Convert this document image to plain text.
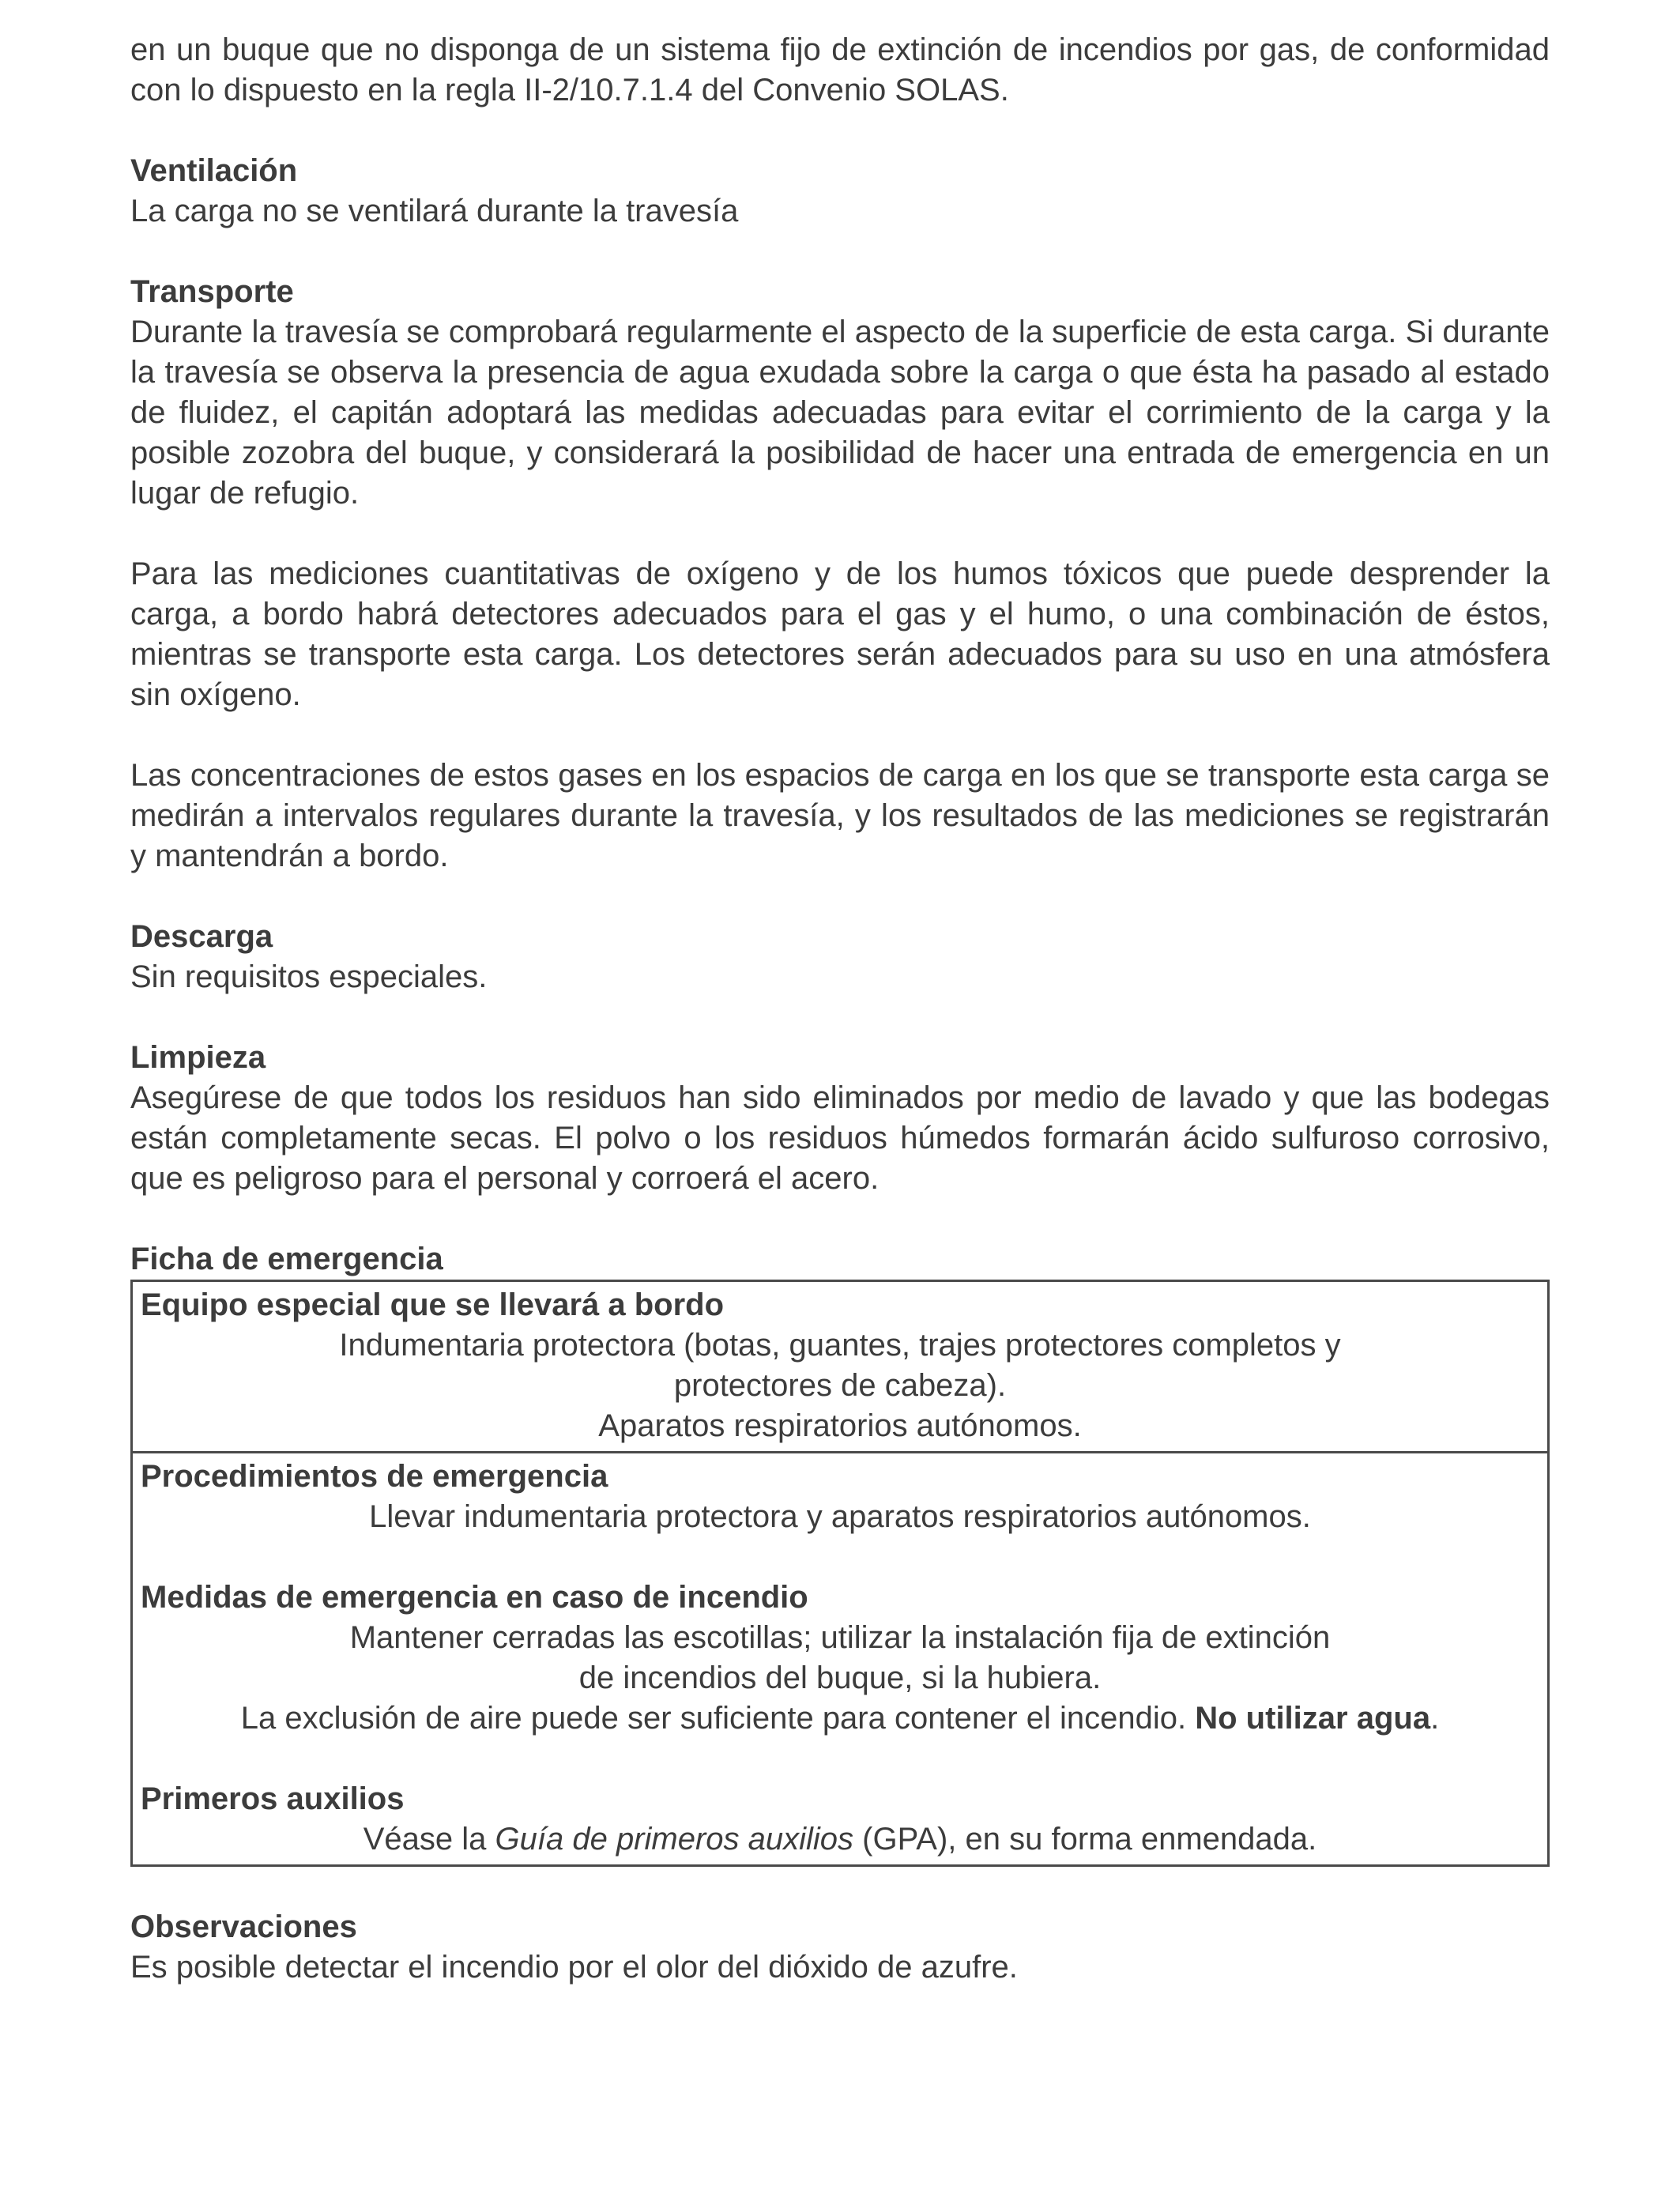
en un buque que no disponga de un sistema fijo de extinción de incendios por gas, de conformidad con lo dispuesto en la regla II-2/10.7.1.4 del Convenio SOLAS.

Ventilación

La carga no se ventilará durante la travesía

Transporte

Durante la travesía se comprobará regularmente el aspecto de la superficie de esta carga. Si durante la travesía se observa la presencia de agua exudada sobre la carga o que ésta ha pasado al estado de fluidez, el capitán adoptará las medidas adecuadas para evitar el corrimiento de la carga y la posible zozobra del buque, y considerará la posibilidad de hacer una entrada de emergencia en un lugar de refugio.

Para las mediciones cuantitativas de oxígeno y de los humos tóxicos que puede desprender la carga, a bordo habrá detectores adecuados para el gas y el humo, o una combinación de éstos, mientras se transporte esta carga. Los detectores serán adecuados para su uso en una atmósfera sin oxígeno.

Las concentraciones de estos gases en los espacios de carga en los que se transporte esta carga se medirán a intervalos regulares durante la travesía, y los resultados de las mediciones se registrarán y mantendrán a bordo.

Descarga

Sin requisitos especiales.

Limpieza

Asegúrese de que todos los residuos han sido eliminados por medio de lavado y que las bodegas están completamente secas. El polvo o los residuos húmedos formarán ácido sulfuroso corrosivo, que es peligroso para el personal y corroerá el acero.

Ficha de emergencia

Equipo especial que se llevará a bordo

Indumentaria protectora (botas, guantes, trajes protectores completos y

protectores de cabeza).

Aparatos respiratorios autónomos.

Procedimientos de emergencia

Llevar indumentaria protectora y aparatos respiratorios autónomos.

Medidas de emergencia en caso de incendio

Mantener cerradas las escotillas; utilizar la instalación fija de extinción

de incendios del buque, si la hubiera.

La exclusión de aire puede ser suficiente para contener el incendio. No utilizar agua.

Primeros auxilios

Véase la Guía de primeros auxilios (GPA), en su forma enmendada.

Observaciones

Es posible detectar el incendio por el olor del dióxido de azufre.
